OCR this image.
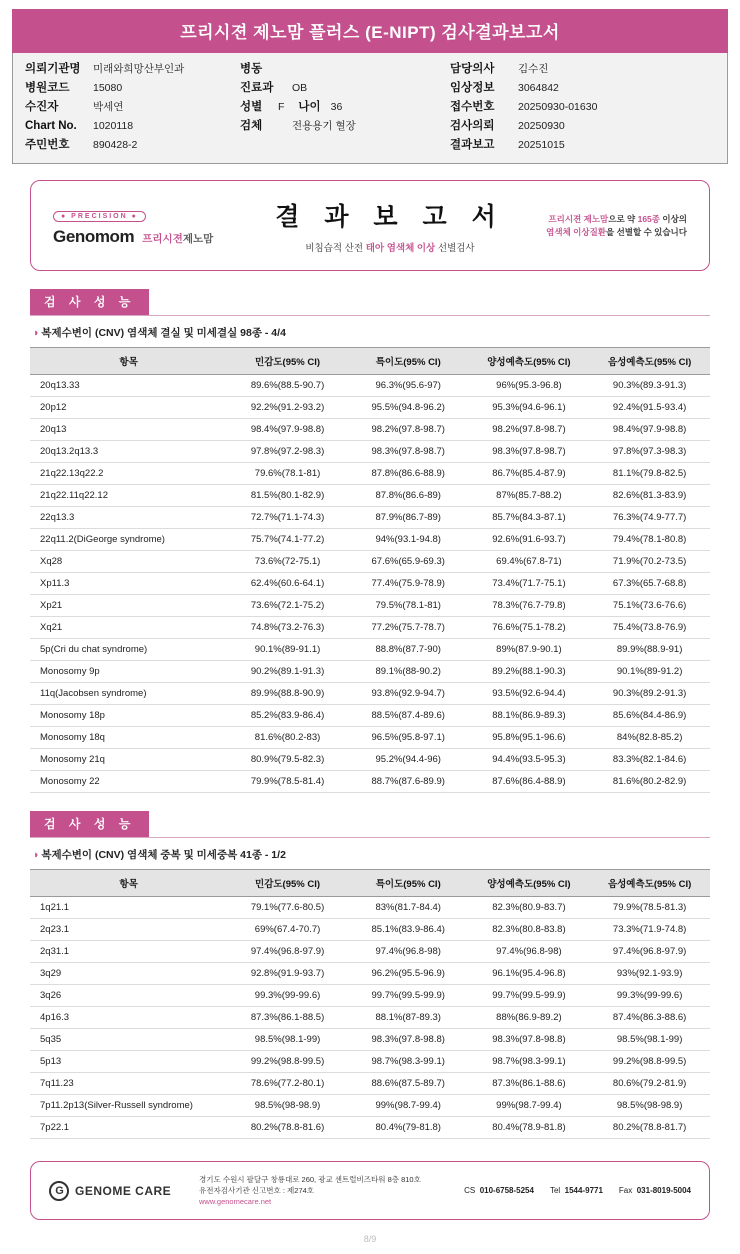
프리시젼 제노맘 플러스 (E-NIPT) 검사결과보고서
의뢰기관명	미래와희망산부인과
병원코드	15080
수진자	박세연
Chart No.	1020118
주민번호	890428-2
병동
진료과	OB
성별	F 나이 36
검체	전용용기 혈장
담당의사	김수진
임상정보	3064842
접수번호	20250930-01630
검사의뢰	20250930
결과보고	20251015
● PRECISION ●
Genomom 프리시젼제노맘
결 과 보 고 서
비침습적 산전 태아 염색체 이상 선별검사
프리시젼 제노맘으로 약 165종 이상의
염색체 이상질환을 선별할 수 있습니다
검 사 성 능
◑ 복제수변이 (CNV) 염색체 결실 및 미세결실 98종 - 4/4
항목	민감도(95% CI)	특이도(95% CI)	양성예측도(95% CI)	음성예측도(95% CI)
20q13.33	89.6%(88.5-90.7)	96.3%(95.6-97)	96%(95.3-96.8)	90.3%(89.3-91.3)
20p12	92.2%(91.2-93.2)	95.5%(94.8-96.2)	95.3%(94.6-96.1)	92.4%(91.5-93.4)
20q13	98.4%(97.9-98.8)	98.2%(97.8-98.7)	98.2%(97.8-98.7)	98.4%(97.9-98.8)
20q13.2q13.3	97.8%(97.2-98.3)	98.3%(97.8-98.7)	98.3%(97.8-98.7)	97.8%(97.3-98.3)
21q22.13q22.2	79.6%(78.1-81)	87.8%(86.6-88.9)	86.7%(85.4-87.9)	81.1%(79.8-82.5)
21q22.11q22.12	81.5%(80.1-82.9)	87.8%(86.6-89)	87%(85.7-88.2)	82.6%(81.3-83.9)
22q13.3	72.7%(71.1-74.3)	87.9%(86.7-89)	85.7%(84.3-87.1)	76.3%(74.9-77.7)
22q11.2(DiGeorge syndrome)	75.7%(74.1-77.2)	94%(93.1-94.8)	92.6%(91.6-93.7)	79.4%(78.1-80.8)
Xq28	73.6%(72-75.1)	67.6%(65.9-69.3)	69.4%(67.8-71)	71.9%(70.2-73.5)
Xp11.3	62.4%(60.6-64.1)	77.4%(75.9-78.9)	73.4%(71.7-75.1)	67.3%(65.7-68.8)
Xp21	73.6%(72.1-75.2)	79.5%(78.1-81)	78.3%(76.7-79.8)	75.1%(73.6-76.6)
Xq21	74.8%(73.2-76.3)	77.2%(75.7-78.7)	76.6%(75.1-78.2)	75.4%(73.8-76.9)
5p(Cri du chat syndrome)	90.1%(89-91.1)	88.8%(87.7-90)	89%(87.9-90.1)	89.9%(88.9-91)
Monosomy 9p	90.2%(89.1-91.3)	89.1%(88-90.2)	89.2%(88.1-90.3)	90.1%(89-91.2)
11q(Jacobsen syndrome)	89.9%(88.8-90.9)	93.8%(92.9-94.7)	93.5%(92.6-94.4)	90.3%(89.2-91.3)
Monosomy 18p	85.2%(83.9-86.4)	88.5%(87.4-89.6)	88.1%(86.9-89.3)	85.6%(84.4-86.9)
Monosomy 18q	81.6%(80.2-83)	96.5%(95.8-97.1)	95.8%(95.1-96.6)	84%(82.8-85.2)
Monosomy 21q	80.9%(79.5-82.3)	95.2%(94.4-96)	94.4%(93.5-95.3)	83.3%(82.1-84.6)
Monosomy 22	79.9%(78.5-81.4)	88.7%(87.6-89.9)	87.6%(86.4-88.9)	81.6%(80.2-82.9)
검 사 성 능
◑ 복제수변이 (CNV) 염색체 중복 및 미세중복 41종 - 1/2
항목	민감도(95% CI)	특이도(95% CI)	양성예측도(95% CI)	음성예측도(95% CI)
1q21.1	79.1%(77.6-80.5)	83%(81.7-84.4)	82.3%(80.9-83.7)	79.9%(78.5-81.3)
2q23.1	69%(67.4-70.7)	85.1%(83.9-86.4)	82.3%(80.8-83.8)	73.3%(71.9-74.8)
2q31.1	97.4%(96.8-97.9)	97.4%(96.8-98)	97.4%(96.8-98)	97.4%(96.8-97.9)
3q29	92.8%(91.9-93.7)	96.2%(95.5-96.9)	96.1%(95.4-96.8)	93%(92.1-93.9)
3q26	99.3%(99-99.6)	99.7%(99.5-99.9)	99.7%(99.5-99.9)	99.3%(99-99.6)
4p16.3	87.3%(86.1-88.5)	88.1%(87-89.3)	88%(86.9-89.2)	87.4%(86.3-88.6)
5q35	98.5%(98.1-99)	98.3%(97.8-98.8)	98.3%(97.8-98.8)	98.5%(98.1-99)
5p13	99.2%(98.8-99.5)	98.7%(98.3-99.1)	98.7%(98.3-99.1)	99.2%(98.8-99.5)
7q11.23	78.6%(77.2-80.1)	88.6%(87.5-89.7)	87.3%(86.1-88.6)	80.6%(79.2-81.9)
7p11.2p13(Silver-Russell syndrome)	98.5%(98-98.9)	99%(98.7-99.4)	99%(98.7-99.4)	98.5%(98-98.9)
7p22.1	80.2%(78.8-81.6)	80.4%(79-81.8)	80.4%(78.9-81.8)	80.2%(78.8-81.7)
G	GENOME CARE
경기도 수원시 팔달구 창룡대로 260, 광교 센트럴비즈타워 8층 810호
유전자검사기관 신고번호 : 제274호
www.genomecare.net
CS 010-6758-5254 Tel 1544-9771 Fax 031-8019-5004
8/9
